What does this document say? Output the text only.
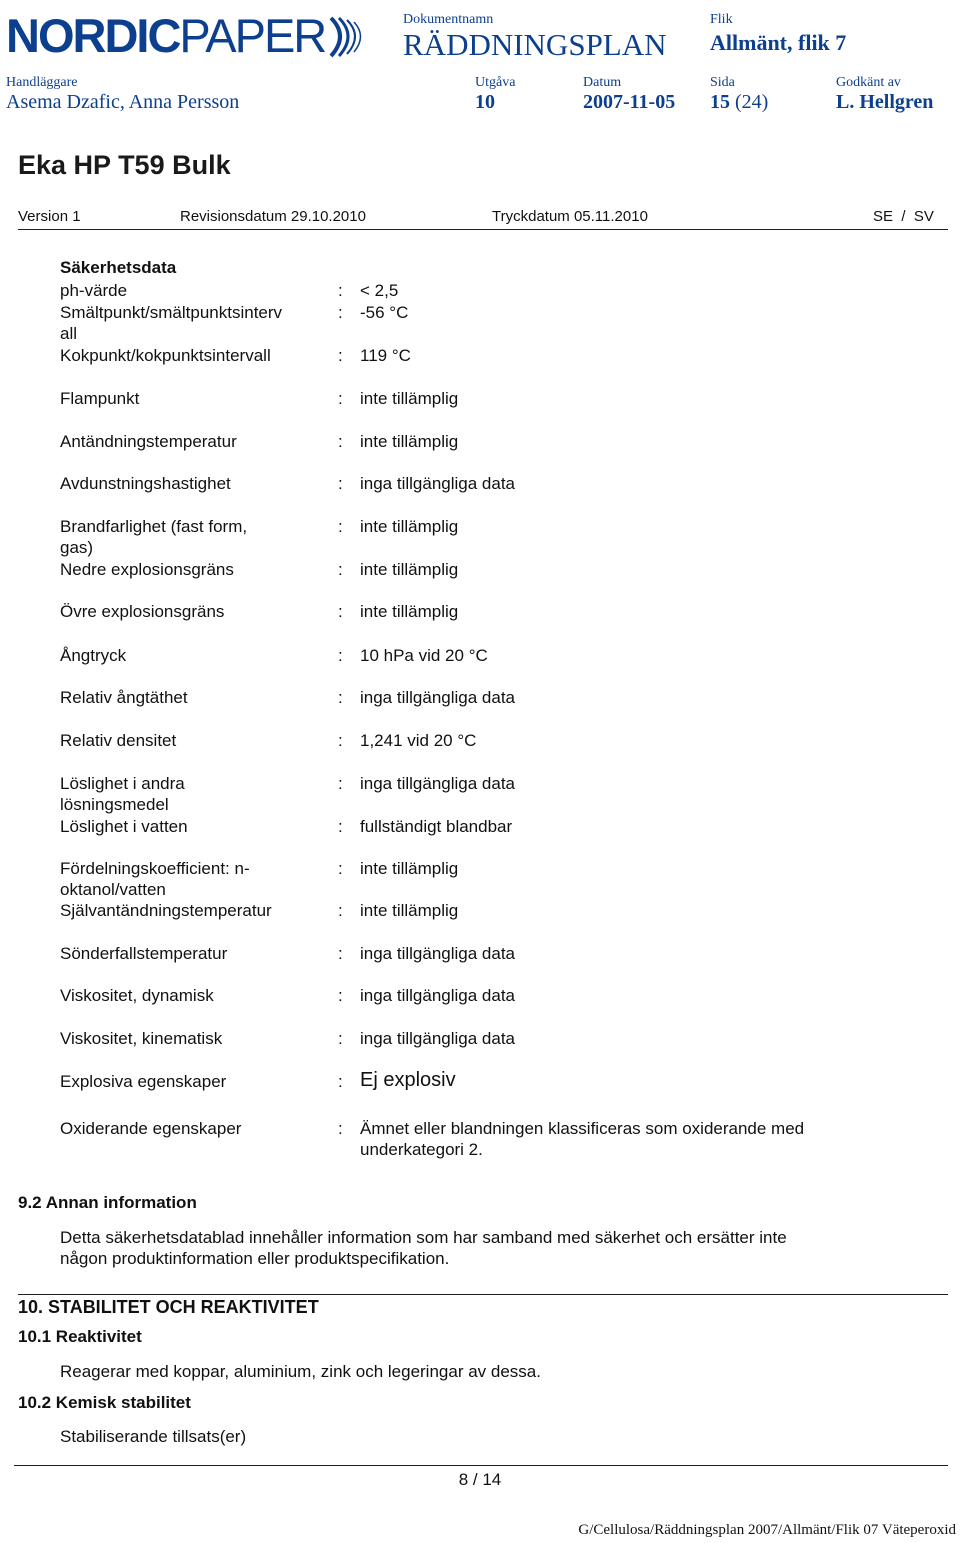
NORDICPAPER	Dokumentnamn
RÄDDNINGSPLAN
Flik
Allmänt, flik 7
Handläggare
Asema Dzafic, Anna Persson
Utgåva
10
Datum
2007-11-05
Sida
15 (24)
Godkänt av
L. Hellgren
Eka HP T59 Bulk
Version 1	Revisionsdatum 29.10.2010	Tryckdatum 05.11.2010	SE  /  SV
Säkerhetsdata
ph-värde	: < 2,5
Smältpunkt/smältpunktsinterv
all
: -56 °C
Kokpunkt/kokpunktsintervall	: 119 °C
Flampunkt	: inte tillämplig
Antändningstemperatur	: inte tillämplig
Avdunstningshastighet	: inga tillgängliga data
Brandfarlighet (fast form,
gas)
: inte tillämplig
Nedre explosionsgräns	: inte tillämplig
Övre explosionsgräns	: inte tillämplig
Ångtryck	: 10 hPa vid 20 °C
Relativ ångtäthet	: inga tillgängliga data
Relativ densitet	: 1,241 vid 20 °C
Löslighet i andra
lösningsmedel
: inga tillgängliga data
Löslighet i vatten	: fullständigt blandbar
Fördelningskoefficient: n-
oktanol/vatten
: inte tillämplig
Självantändningstemperatur	: inte tillämplig
Sönderfallstemperatur	: inga tillgängliga data
Viskositet, dynamisk	: inga tillgängliga data
Viskositet, kinematisk	: inga tillgängliga data
Explosiva egenskaper	: Ej explosiv
Oxiderande egenskaper	: Ämnet eller blandningen klassificeras som oxiderande med
underkategori 2.
9.2 Annan information
Detta säkerhetsdatablad innehåller information som har samband med säkerhet och ersätter inte
någon produktinformation eller produktspecifikation.
10. STABILITET OCH REAKTIVITET
10.1 Reaktivitet
Reagerar med koppar, aluminium, zink och legeringar av dessa.
10.2 Kemisk stabilitet
Stabiliserande tillsats(er)
8 / 14
G/Cellulosa/Räddningsplan 2007/Allmänt/Flik 07 Väteperoxid
